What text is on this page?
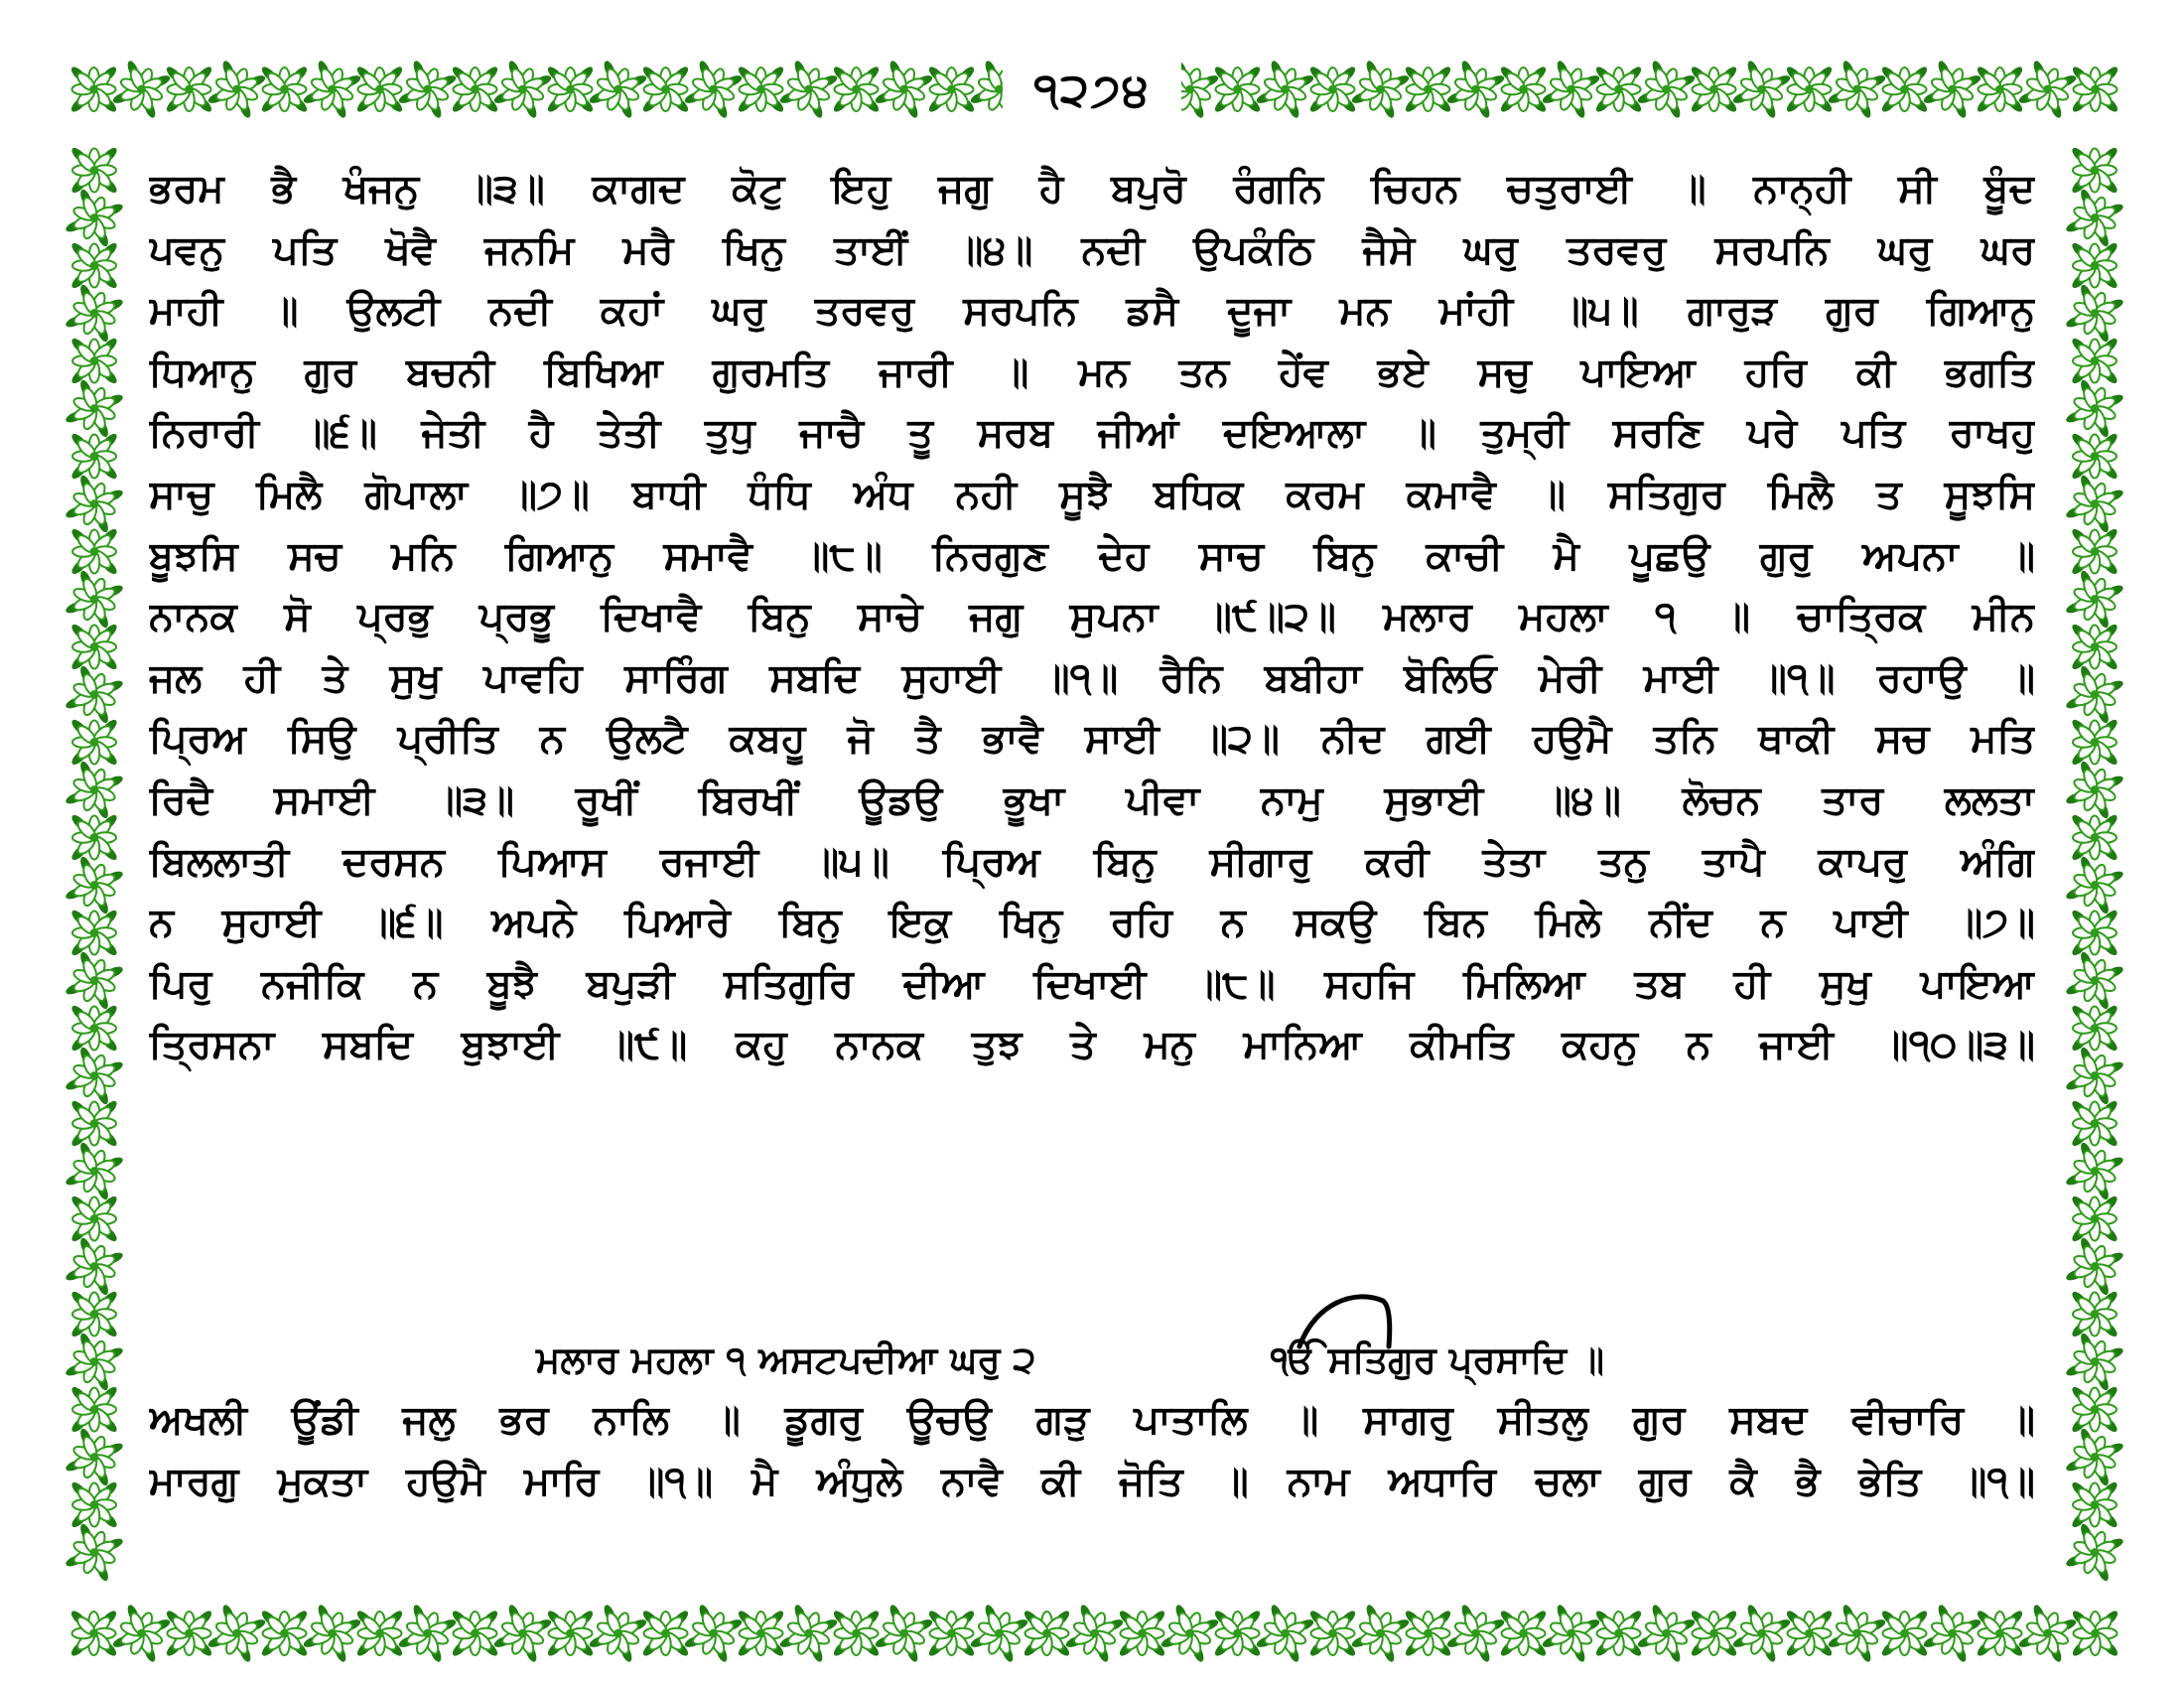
੧੨੭੪
ਭਰਮ ਭੈ ਖੰਜਨੁ ॥੩॥ ਕਾਗਦ ਕੋਟੁ ਇਹੁ ਜਗੁ ਹੈ ਬਪੁਰੋ ਰੰਗਨਿ ਚਿਹਨ ਚਤੁਰਾਈ ॥ ਨਾਨ੍ਹੀ ਸੀ ਬੂੰਦ
ਪਵਨੁ ਪਤਿ ਖੋਵੈ ਜਨਮਿ ਮਰੈ ਖਿਨੁ ਤਾਈਂ ॥੪॥ ਨਦੀ ਉਪਕੰਠਿ ਜੈਸੇ ਘਰੁ ਤਰਵਰੁ ਸਰਪਨਿ ਘਰੁ ਘਰ
ਮਾਹੀ ॥ ਉਲਟੀ ਨਦੀ ਕਹਾਂ ਘਰੁ ਤਰਵਰੁ ਸਰਪਨਿ ਡਸੈ ਦੂਜਾ ਮਨ ਮਾਂਹੀ ॥੫॥ ਗਾਰੁੜ ਗੁਰ ਗਿਆਨੁ
ਧਿਆਨੁ ਗੁਰ ਬਚਨੀ ਬਿਖਿਆ ਗੁਰਮਤਿ ਜਾਰੀ ॥ ਮਨ ਤਨ ਹੇਂਵ ਭਏ ਸਚੁ ਪਾਇਆ ਹਰਿ ਕੀ ਭਗਤਿ
ਨਿਰਾਰੀ ॥੬॥ ਜੇਤੀ ਹੈ ਤੇਤੀ ਤੁਧੁ ਜਾਚੈ ਤੂ ਸਰਬ ਜੀਆਂ ਦਇਆਲਾ ॥ ਤੁਮ੍ਰੀ ਸਰਣਿ ਪਰੇ ਪਤਿ ਰਾਖਹੁ
ਸਾਚੁ ਮਿਲੈ ਗੋਪਾਲਾ ॥੭॥ ਬਾਧੀ ਧੰਧਿ ਅੰਧ ਨਹੀ ਸੂਝੈ ਬਧਿਕ ਕਰਮ ਕਮਾਵੈ ॥ ਸਤਿਗੁਰ ਮਿਲੈ ਤ ਸੂਝਸਿ
ਬੂਝਸਿ ਸਚ ਮਨਿ ਗਿਆਨੁ ਸਮਾਵੈ ॥੮॥ ਨਿਰਗੁਣ ਦੇਹ ਸਾਚ ਬਿਨੁ ਕਾਚੀ ਮੈ ਪੂਛਉ ਗੁਰੁ ਅਪਨਾ ॥
ਨਾਨਕ ਸੋ ਪ੍ਰਭੁ ਪ੍ਰਭੂ ਦਿਖਾਵੈ ਬਿਨੁ ਸਾਚੇ ਜਗੁ ਸੁਪਨਾ ॥੯॥੨॥ ਮਲਾਰ ਮਹਲਾ ੧ ॥ ਚਾਤ੍ਰਿਕ ਮੀਨ
ਜਲ ਹੀ ਤੇ ਸੁਖੁ ਪਾਵਹਿ ਸਾਰਿੰਗ ਸਬਦਿ ਸੁਹਾਈ ॥੧॥ ਰੈਨਿ ਬਬੀਹਾ ਬੋਲਿਓ ਮੇਰੀ ਮਾਈ ॥੧॥ ਰਹਾਉ ॥
ਪ੍ਰਿਅ ਸਿਉ ਪ੍ਰੀਤਿ ਨ ਉਲਟੈ ਕਬਹੂ ਜੋ ਤੈ ਭਾਵੈ ਸਾਈ ॥੨॥ ਨੀਦ ਗਈ ਹਉਮੈ ਤਨਿ ਥਾਕੀ ਸਚ ਮਤਿ
ਰਿਦੈ ਸਮਾਈ ॥੩॥ ਰੂਖੀਂ ਬਿਰਖੀਂ ਊਡਉ ਭੂਖਾ ਪੀਵਾ ਨਾਮੁ ਸੁਭਾਈ ॥੪॥ ਲੋਚਨ ਤਾਰ ਲਲਤਾ
ਬਿਲਲਾਤੀ ਦਰਸਨ ਪਿਆਸ ਰਜਾਈ ॥੫॥ ਪ੍ਰਿਅ ਬਿਨੁ ਸੀਗਾਰੁ ਕਰੀ ਤੇਤਾ ਤਨੁ ਤਾਪੈ ਕਾਪਰੁ ਅੰਗਿ
ਨ ਸੁਹਾਈ ॥੬॥ ਅਪਨੇ ਪਿਆਰੇ ਬਿਨੁ ਇਕੁ ਖਿਨੁ ਰਹਿ ਨ ਸਕਉ ਬਿਨ ਮਿਲੇ ਨੀਂਦ ਨ ਪਾਈ ॥੭॥
ਪਿਰੁ ਨਜੀਕਿ ਨ ਬੂਝੈ ਬਪੁੜੀ ਸਤਿਗੁਰਿ ਦੀਆ ਦਿਖਾਈ ॥੮॥ ਸਹਜਿ ਮਿਲਿਆ ਤਬ ਹੀ ਸੁਖੁ ਪਾਇਆ
ਤ੍ਰਿਸਨਾ ਸਬਦਿ ਬੁਝਾਈ ॥੯॥ ਕਹੁ ਨਾਨਕ ਤੁਝ ਤੇ ਮਨੁ ਮਾਨਿਆ ਕੀਮਤਿ ਕਹਨੁ ਨ ਜਾਈ ॥੧੦॥੩॥
ਮਲਾਰ ਮਹਲਾ ੧ ਅਸਟਪਦੀਆ ਘਰੁ ੨	ੴ ਸਤਿਗੁਰ ਪ੍ਰਸਾਦਿ ॥
ਅਖਲੀ ਊਂਡੀ ਜਲੁ ਭਰ ਨਾਲਿ ॥ ਡੂਗਰੁ ਊਚਉ ਗੜੁ ਪਾਤਾਲਿ ॥ ਸਾਗਰੁ ਸੀਤਲੁ ਗੁਰ ਸਬਦ ਵੀਚਾਰਿ ॥
ਮਾਰਗੁ ਮੁਕਤਾ ਹਉਮੈ ਮਾਰਿ ॥੧॥ ਮੈ ਅੰਧੁਲੇ ਨਾਵੈ ਕੀ ਜੋਤਿ ॥ ਨਾਮ ਅਧਾਰਿ ਚਲਾ ਗੁਰ ਕੈ ਭੈ ਭੇਤਿ ॥੧॥
